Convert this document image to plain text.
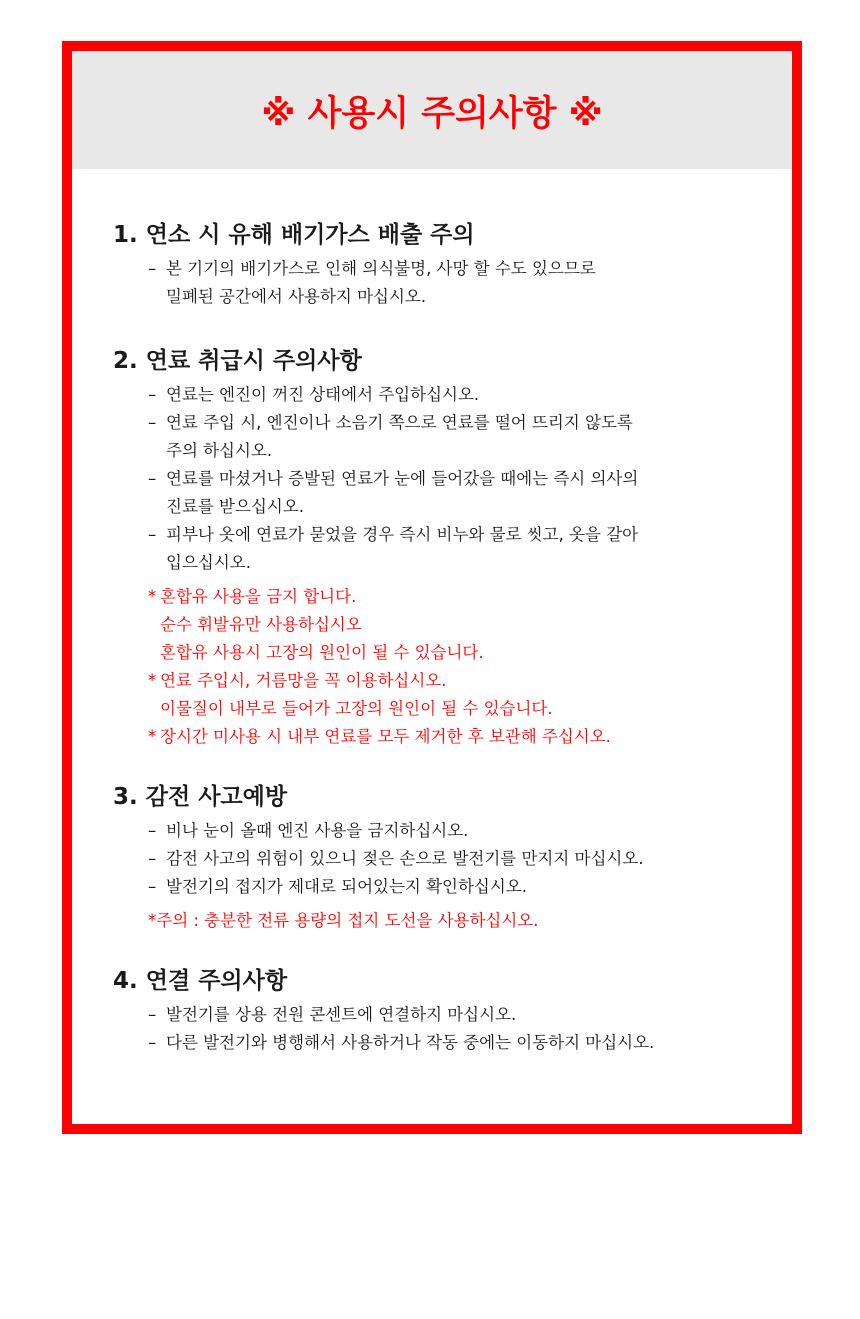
※ 사용시 주의사항 ※
1. 연소 시 유해 배기가스 배출 주의
– 본 기기의 배기가스로 인해 의식불명, 사망 할 수도 있으므로
밀폐된 공간에서 사용하지 마십시오.
2. 연료 취급시 주의사항
– 연료는 엔진이 꺼진 상태에서 주입하십시오.
– 연료 주입 시, 엔진이나 소음기 쪽으로 연료를 떨어 뜨리지 않도록
주의 하십시오.
– 연료를 마셨거나 증발된 연료가 눈에 들어갔을 때에는 즉시 의사의
진료를 받으십시오.
– 피부나 옷에 연료가 묻었을 경우 즉시 비누와 물로 씻고, 옷을 갈아
입으십시오.
* 혼합유 사용을 금지 합니다.
순수 휘발유만 사용하십시오
혼합유 사용시 고장의 원인이 될 수 있습니다.
* 연료 주입시, 거름망을 꼭 이용하십시오.
이물질이 내부로 들어가 고장의 원인이 될 수 있습니다.
* 장시간 미사용 시 내부 연료를 모두 제거한 후 보관해 주십시오.
3. 감전 사고예방
– 비나 눈이 올때 엔진 사용을 금지하십시오.
– 감전 사고의 위험이 있으니 젖은 손으로 발전기를 만지지 마십시오.
– 발전기의 접지가 제대로 되어있는지 확인하십시오.
*주의 : 충분한 전류 용량의 접지 도선을 사용하십시오.
4. 연결 주의사항
– 발전기를 상용 전원 콘센트에 연결하지 마십시오.
– 다른 발전기와 병행해서 사용하거나 작동 중에는 이동하지 마십시오.
